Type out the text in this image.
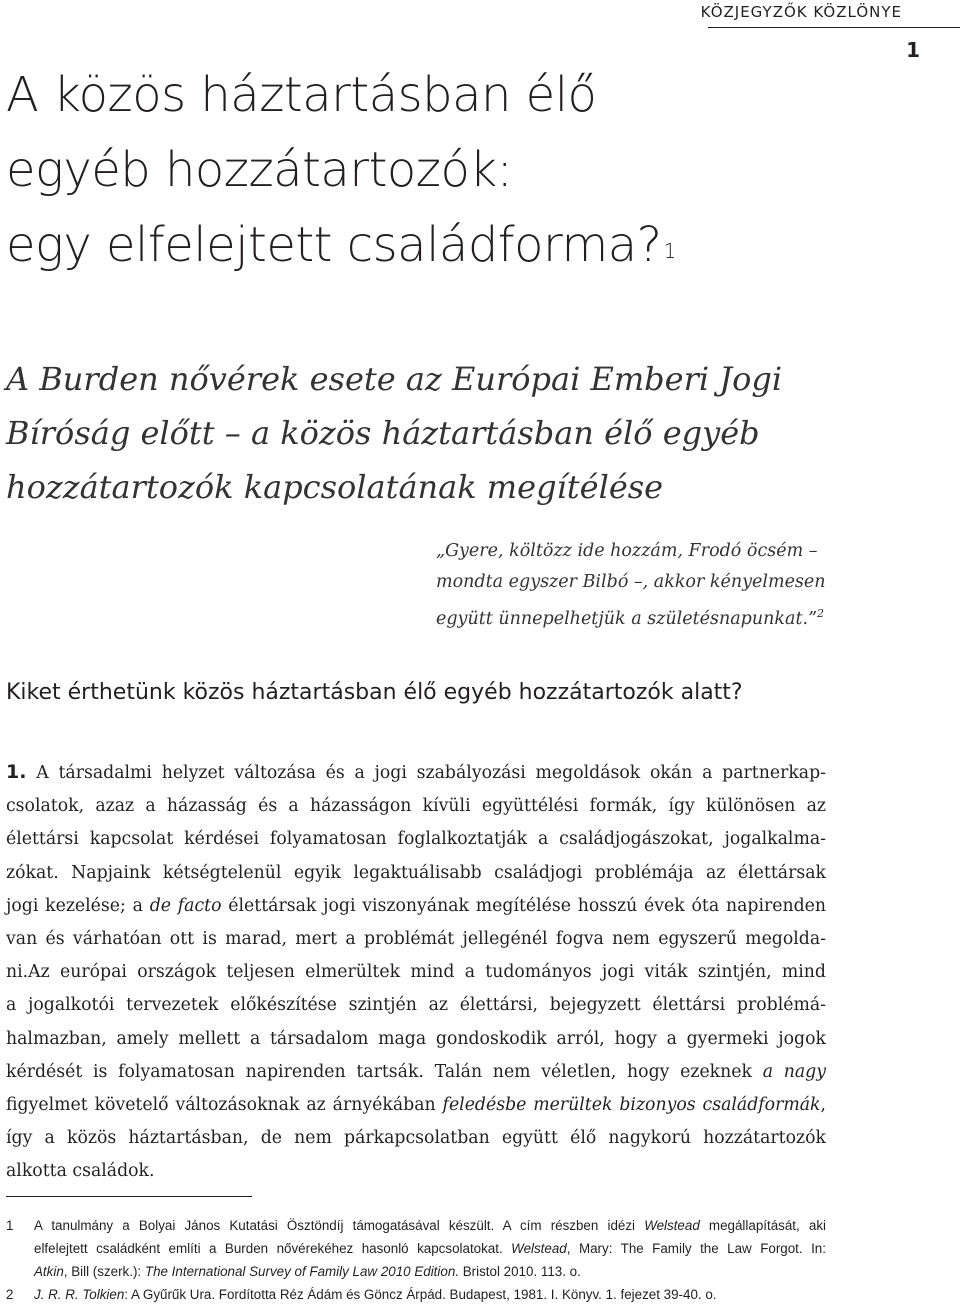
KÖZJEGYZŐK KÖZLÖNYE
1
A közös háztartásban élő
egyéb hozzátartozók:
egy elfelejtett családforma? $^1$
A Burden nővérek esete az Európai Emberi Jogi
Bíróság előtt – a közös háztartásban élő egyéb
hozzátartozók kapcsolatának megítélése
„Gyere, költözz ide hozzám, Frodó öcsém –
mondta egyszer Bilbó –, akkor kényelmesen
együtt ünnepelhetjük a születésnapunkat.”$^2$
Kiket érthetünk közös háztartásban élő egyéb hozzátartozók alatt?
1. A társadalmi helyzet változása és a jogi szabályozási megoldások okán a partnerkap-
csolatok, azaz a házasság és a házasságon kívüli együttélési formák, így különösen az
élettársi kapcsolat kérdései folyamatosan foglalkoztatják a családjogászokat, jogalkalma-
zókat. Napjaink kétségtelenül egyik legaktuálisabb családjogi problémája az élettársak
jogi kezelése; a de facto élettársak jogi viszonyának megítélése hosszú évek óta napirenden
van és várhatóan ott is marad, mert a problémát jellegénél fogva nem egyszerű megolda-
ni.Az európai országok teljesen elmerültek mind a tudományos jogi viták szintjén, mind
a jogalkotói tervezetek előkészítése szintjén az élettársi, bejegyzett élettársi problémá-
halmazban, amely mellett a társadalom maga gondoskodik arról, hogy a gyermeki jogok
kérdését is folyamatosan napirenden tartsák. Talán nem véletlen, hogy ezeknek a nagy
figyelmet követelő változásoknak az árnyékában feledésbe merültek bizonyos családformák,
így a közös háztartásban, de nem párkapcsolatban együtt élő nagykorú hozzátartozók
alkotta családok.
1 A tanulmány a Bolyai János Kutatási Ösztöndíj támogatásával készült. A cím részben idézi Welstead megállapítását, aki
elfelejtett családként említi a Burden nővérekéhez hasonló kapcsolatokat. Welstead, Mary: The Family the Law Forgot. In:
Atkin, Bill (szerk.): The International Survey of Family Law 2010 Edition. Bristol 2010. 113. o.
2 J. R. R. Tolkien: A Gyűrűk Ura. Fordította Réz Ádám és Göncz Árpád. Budapest, 1981. I. Könyv. 1. fejezet 39-40. o.
